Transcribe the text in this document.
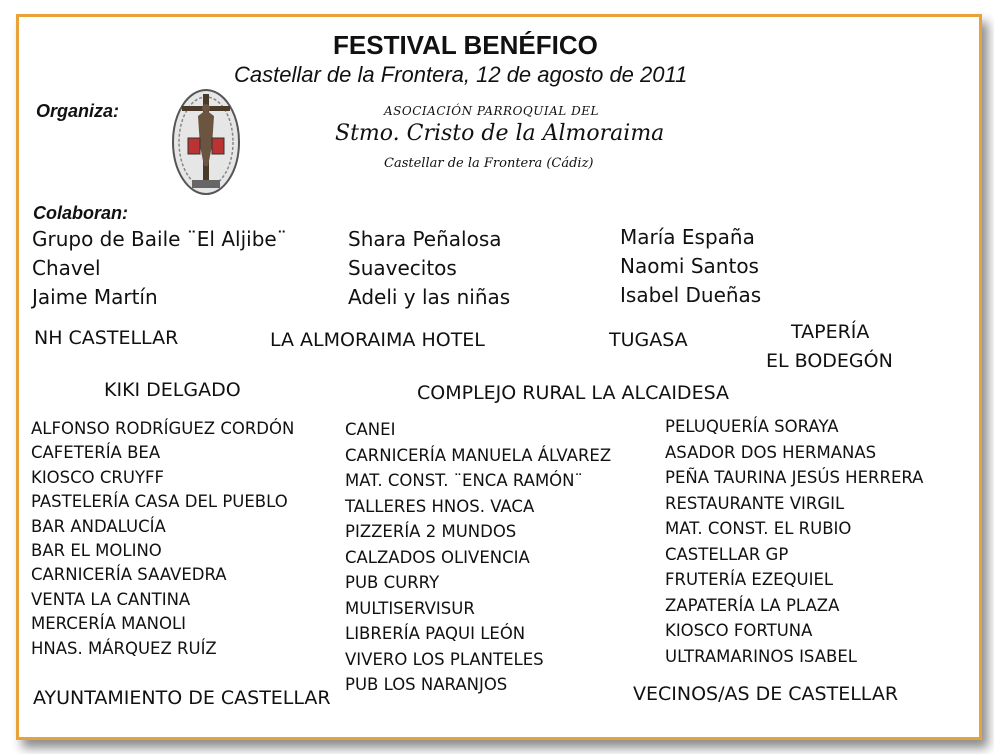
FESTIVAL BENÉFICO
Castellar de la Frontera, 12 de agosto de 2011
Organiza:	ASOCIACIÓN PARROQUIAL DEL
Stmo. Cristo de la Almoraima
Castellar de la Frontera (Cádiz)
Colaboran:
Grupo de Baile ¨El Aljibe¨
Chavel
Jaime Martín
Shara Peñalosa
Suavecitos
Adeli y las niñas
María España
Naomi Santos
Isabel Dueñas
NH CASTELLAR	LA ALMORAIMA HOTEL	TUGASA	TAPERÍA
EL BODEGÓN
KIKI DELGADO	COMPLEJO RURAL LA ALCAIDESA
ALFONSO RODRÍGUEZ CORDÓN
CAFETERÍA BEA
KIOSCO CRUYFF
PASTELERÍA CASA DEL PUEBLO
BAR ANDALUCÍA
BAR EL MOLINO
CARNICERÍA SAAVEDRA
VENTA LA CANTINA
MERCERÍA MANOLI
HNAS. MÁRQUEZ RUÍZ
CANEI
CARNICERÍA MANUELA ÁLVAREZ
MAT. CONST. ¨ENCA RAMÓN¨
TALLERES HNOS. VACA
PIZZERÍA 2 MUNDOS
CALZADOS OLIVENCIA
PUB CURRY
MULTISERVISUR
LIBRERÍA PAQUI LEÓN
VIVERO LOS PLANTELES
PUB LOS NARANJOS
PELUQUERÍA SORAYA
ASADOR DOS HERMANAS
PEÑA TAURINA JESÚS HERRERA
RESTAURANTE VIRGIL
MAT. CONST. EL RUBIO
CASTELLAR GP
FRUTERÍA EZEQUIEL
ZAPATERÍA LA PLAZA
KIOSCO FORTUNA
ULTRAMARINOS ISABEL
AYUNTAMIENTO DE CASTELLAR	VECINOS/AS DE CASTELLAR
